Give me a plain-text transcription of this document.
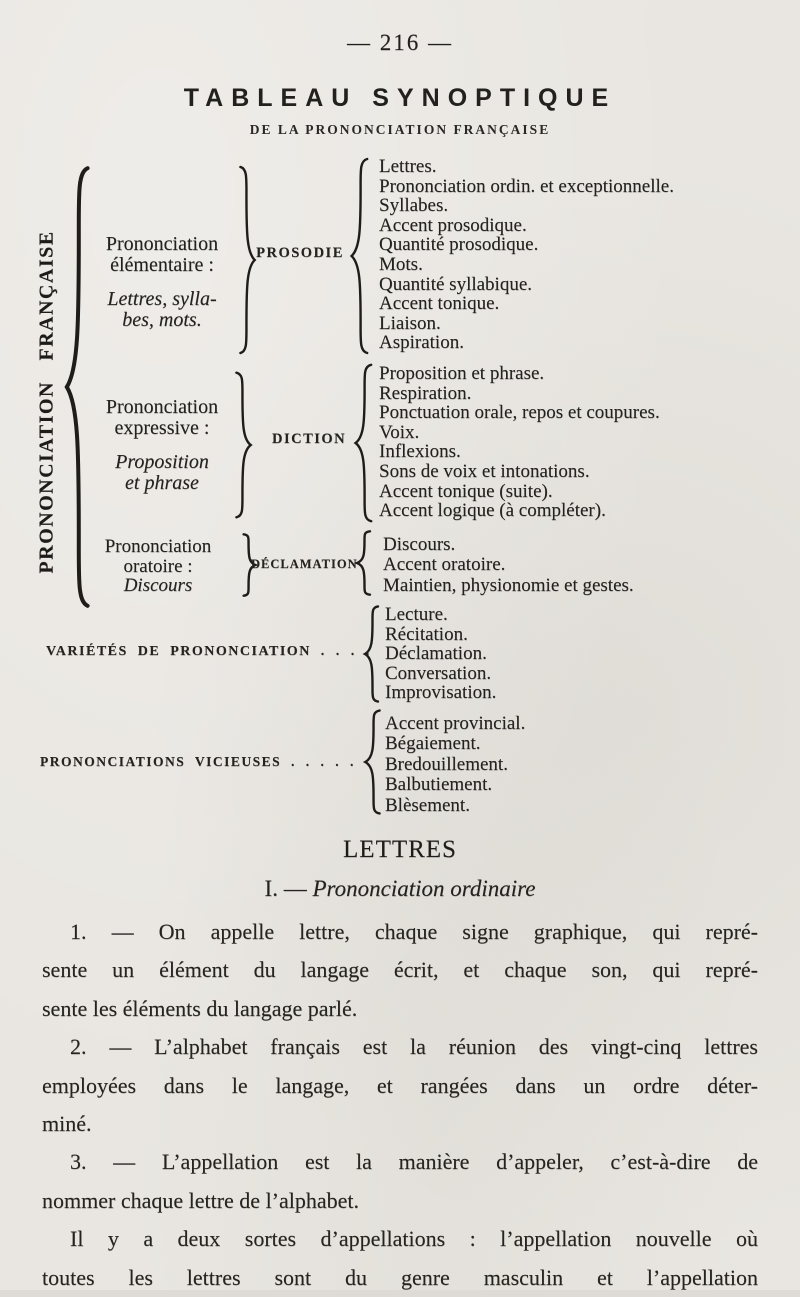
— 216 —
TABLEAU SYNOPTIQUE
DE LA PRONONCIATION FRANÇAISE
PRONONCIATION FRANÇAISE	Prononciation
élémentaire :
Lettres, sylla-
bes, mots.
PROSODIE
Lettres.
Prononciation ordin. et exceptionnelle.
Syllabes.
Accent prosodique.
Quantité prosodique.
Mots.
Quantité syllabique.
Accent tonique.
Liaison.
Aspiration.
Prononciation
expressive :
Proposition
et phrase
DICTION
Proposition et phrase.
Respiration.
Ponctuation orale, repos et coupures.
Voix.
Inflexions.
Sons de voix et intonations.
Accent tonique (suite).
Accent logique (à compléter).
Prononciation
oratoire :
Discours
DÉCLAMATION
Discours.
Accent oratoire.
Maintien, physionomie et gestes.
VARIÉTÉS DE PRONONCIATION . . . .
Lecture.
Récitation.
Déclamation.
Conversation.
Improvisation.
PRONONCIATIONS VICIEUSES . . . . .
Accent provincial.
Bégaiement.
Bredouillement.
Balbutiement.
Blèsement.
LETTRES
I. — Prononciation ordinaire
1. — On appelle lettre, chaque signe graphique, qui repré-
sente un élément du langage écrit, et chaque son, qui repré-
sente les éléments du langage parlé.
2. — L’alphabet français est la réunion des vingt-cinq lettres
employées dans le langage, et rangées dans un ordre déter-
miné.
3. — L’appellation est la manière d’appeler, c’est-à-dire de
nommer chaque lettre de l’alphabet.
Il y a deux sortes d’appellations : l’appellation nouvelle où
toutes les lettres sont du genre masculin et l’appellation
